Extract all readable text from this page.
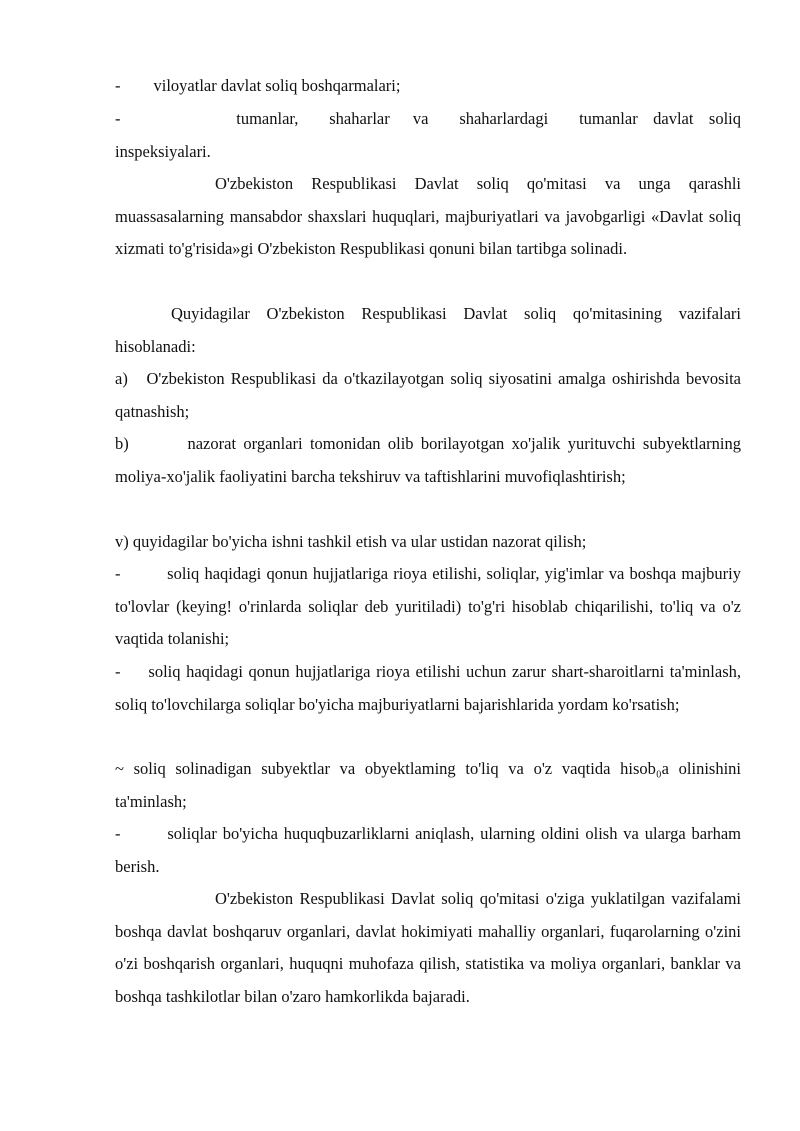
-        viloyatlar davlat soliq boshqarmalari;

-               tumanlar,    shaharlar   va    shaharlardagi    tumanlar  davlat  soliq

inspeksiyalari.

O'zbekiston Respublikasi Davlat soliq qo'mitasi va unga qarashli muassasalarning mansabdor shaxslari huquqlari, majburiyatlari va javobgarligi «Davlat soliq xizmati to'g'risida»gi O'zbekiston Respublikasi qonuni bilan tartibga solinadi.

Quyidagilar O'zbekiston Respublikasi Davlat soliq qo'mitasining vazifalari hisoblanadi:

a)   O'zbekiston Respublikasi da o'tkazilayotgan soliq siyosatini amalga oshirishda bevosita qatnashish;

b)        nazorat organlari tomonidan olib borilayotgan xo'jalik yurituvchi subyektlarning moliya-xo'jalik faoliyatini barcha tekshiruv va taftishlarini muvofiqlashtirish;

v) quyidagilar bo'yicha ishni tashkil etish va ular ustidan nazorat qilish;

-         soliq haqidagi qonun hujjatlariga rioya etilishi, soliqlar, yig'imlar va boshqa majburiy to'lovlar (keying! o'rinlarda soliqlar deb yuritiladi) to'g'ri hisoblab chiqarilishi, to'liq va o'z vaqtida tolanishi;

-     soliq haqidagi qonun hujjatlariga rioya etilishi uchun zarur shart-sharoitlarni ta'minlash, soliq to'lovchilarga soliqlar bo'yicha majburiyatlarni bajarishlarida yordam ko'rsatish;

~ soliq solinadigan subyektlar va obyektlaming to'liq va o'z vaqtida hisob₀a olinishini ta'minlash;

-        soliqlar bo'yicha huquqbuzarliklarni aniqlash, ularning oldini olish va ularga barham berish.

O'zbekiston Respublikasi Davlat soliq qo'mitasi o'ziga yuklatilgan vazifalami boshqa davlat boshqaruv organlari, davlat hokimiyati mahalliy organlari, fuqarolarning o'zini o'zi boshqarish organlari, huquqni muhofaza qilish, statistika va moliya organlari, banklar va boshqa tashkilotlar bilan o'zaro hamkorlikda bajaradi.
